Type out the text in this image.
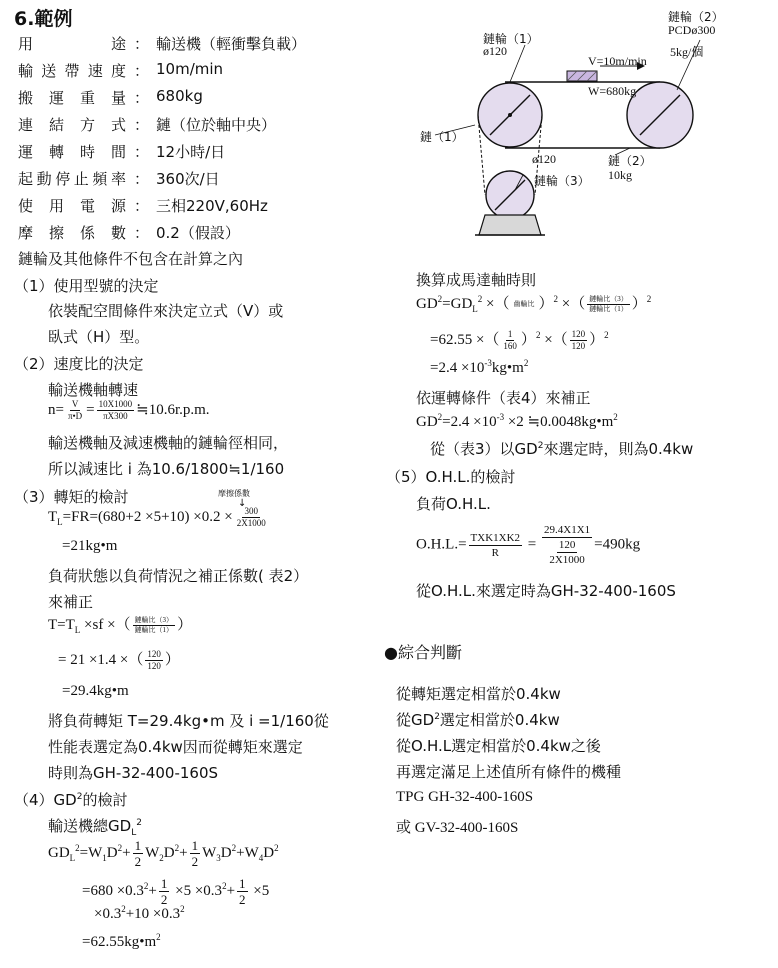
6.範例
用	途 ： 輸送機（輕衝擊負載）
輸 送 帶 速 度 ： 10m/min
搬 運 重 量 ： 680kg
連 結 方 式 ： 鏈（位於軸中央）
運 轉 時 間 ： 12小時/日
起 動 停 止 頻 率 ： 360次/日
使 用 電 源 ： 三相220V,60Hz
摩 擦 係 數 ： 0.2（假設）
鏈輪及其他條件不包含在計算之內
（1）使用型號的決定
依裝配空間條件來決定立式（V）或
臥式（H）型。
（2）速度比的決定
輸送機軸轉速
$n= \frac{V}{\pi•D} = \frac{10X1000}{\pi X300}$ ≒10.6r.p.m.
輸送機軸及減速機軸的鏈輪徑相同，
所以減速比 i 為10.6/1800≒1/160
（3）轉矩的檢討	摩擦係數
↓
$T_L=FR=(680+2 \times 5+10) \times 0.2 \times \frac{300}{2X1000}$
=21kg•m
負荷狀態以負荷情況之補正係數( 表2）
來補正
$T=T_L \times sf$ ×（ $\frac{\text{鏈輪比（3）}}{\text{鏈輪比（1）}}$ ）
= 21 ×1.4 ×（ $\frac{120}{120}$ ）
=29.4kg•m
將負荷轉矩 T=29.4kg•m 及 i =1/160從
性能表選定為0.4kw因而從轉矩來選定
時則為GH-32-400-160S
$(4)GD^2$的檢討
輸送機總$GD_L^2$
$GD_L^2=W_1D^2+ \frac{1}{2} W_2D^2+ \frac{1}{2} W_3D^2+W_4D^2$
$=680 \times 0.3^2+ \frac{1}{2} \times 5 \times 0.3^2+ \frac{1}{2} \times 5$
$\times 0.3^2+10 \times 0.3^2$
$=62.55kg•m^2$
鏈輪（2）
PCDø300
5kg/個
鏈輪（1）
ø120
V=10m/min
W=680kg
鏈（1）
ø120	鏈（2）
10kg
鏈輪（3）
換算成馬達軸時則
$GD^2=GD_L^2$ ×（ 齒輪比 ）$^2$ ×（ $\frac{\text{鏈輪比（3）}}{\text{鏈輪比（1）}} )^2$
=62.55 ×（ $\frac{1}{160} )^2$ ×（ $\frac{120}{120} )^2$
$=2.4 \times 10^{-3}kg•m^2$
依運轉條件（表4）來補正
$GD^2=2.4 \times 10^{-3} \times 2$ $≒0.0048kg•m^2$
從（表3）以$GD^2$來選定時，則為0.4kw
（5）O.H.L.的檢討
負荷O.H.L.
$O.H.L.= \frac{\text{TXK1XK2}}{R}$ =
29.4X1X1
120
2X1000
=490kg
從O.H.L.來選定時為GH-32-400-160S
●綜合判斷
從轉矩選定相當於0.4kw
從$GD^2$選定相當於0.4kw
從O.H.L選定相當於0.4kw之後
再選定滿足上述值所有條件的機種
TPG GH-32-400-160S
或 GV-32-400-160S
